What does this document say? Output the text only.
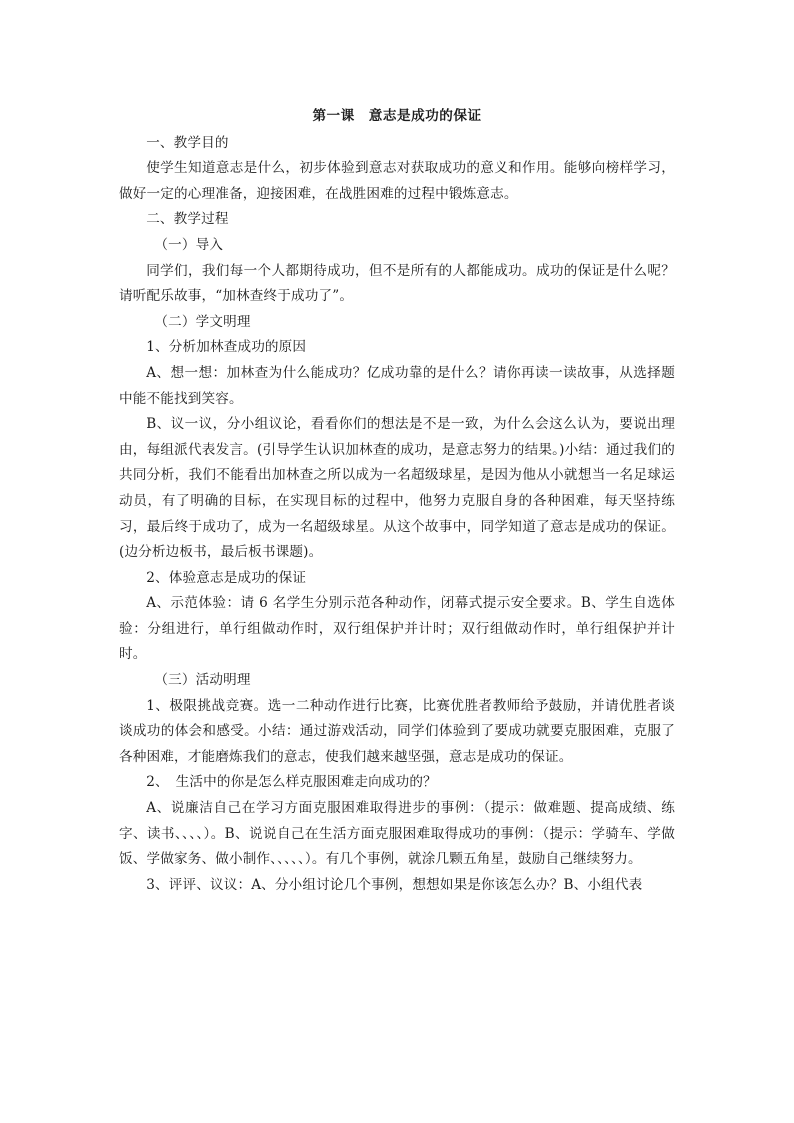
第一课　意志是成功的保证

一、教学目的

使学生知道意志是什么，初步体验到意志对获取成功的意义和作用。能够向榜样学习，做好一定的心理准备，迎接困难，在战胜困难的过程中锻炼意志。

二、教学过程

（一）导入

同学们，我们每一个人都期待成功，但不是所有的人都能成功。成功的保证是什么呢？请听配乐故事，“加林查终于成功了”。

（二）学文明理

1、分析加林查成功的原因

A、想一想：加林查为什么能成功？亿成功靠的是什么？请你再读一读故事，从选择题中能不能找到笑容。

B、议一议，分小组议论，看看你们的想法是不是一致，为什么会这么认为，要说出理由，每组派代表发言。(引导学生认识加林查的成功，是意志努力的结果。)小结：通过我们的共同分析，我们不能看出加林查之所以成为一名超级球星，是因为他从小就想当一名足球运动员，有了明确的目标，在实现目标的过程中，他努力克服自身的各种困难，每天坚持练习，最后终于成功了，成为一名超级球星。从这个故事中，同学知道了意志是成功的保证。(边分析边板书，最后板书课题)。

2、体验意志是成功的保证

A、示范体验：请 6 名学生分别示范各种动作，闭幕式提示安全要求。B、学生自选体验：分组进行，单行组做动作时，双行组保护并计时；双行组做动作时，单行组保护并计时。

（三）活动明理

1、极限挑战竞赛。选一二种动作进行比赛，比赛优胜者教师给予鼓励，并请优胜者谈谈成功的体会和感受。小结：通过游戏活动，同学们体验到了要成功就要克服困难，克服了各种困难，才能磨炼我们的意志，使我们越来越坚强，意志是成功的保证。

2、　生活中的你是怎么样克服困难走向成功的？

A、说廉洁自己在学习方面克服困难取得进步的事例：（提示：做难题、提高成绩、练字、读书、、、、）。B、说说自己在生活方面克服困难取得成功的事例：（提示：学骑车、学做饭、学做家务、做小制作、、、、、）。有几个事例，就涂几颗五角星，鼓励自己继续努力。

3、评评、议议：A、分小组讨论几个事例，想想如果是你该怎么办？B、小组代表
